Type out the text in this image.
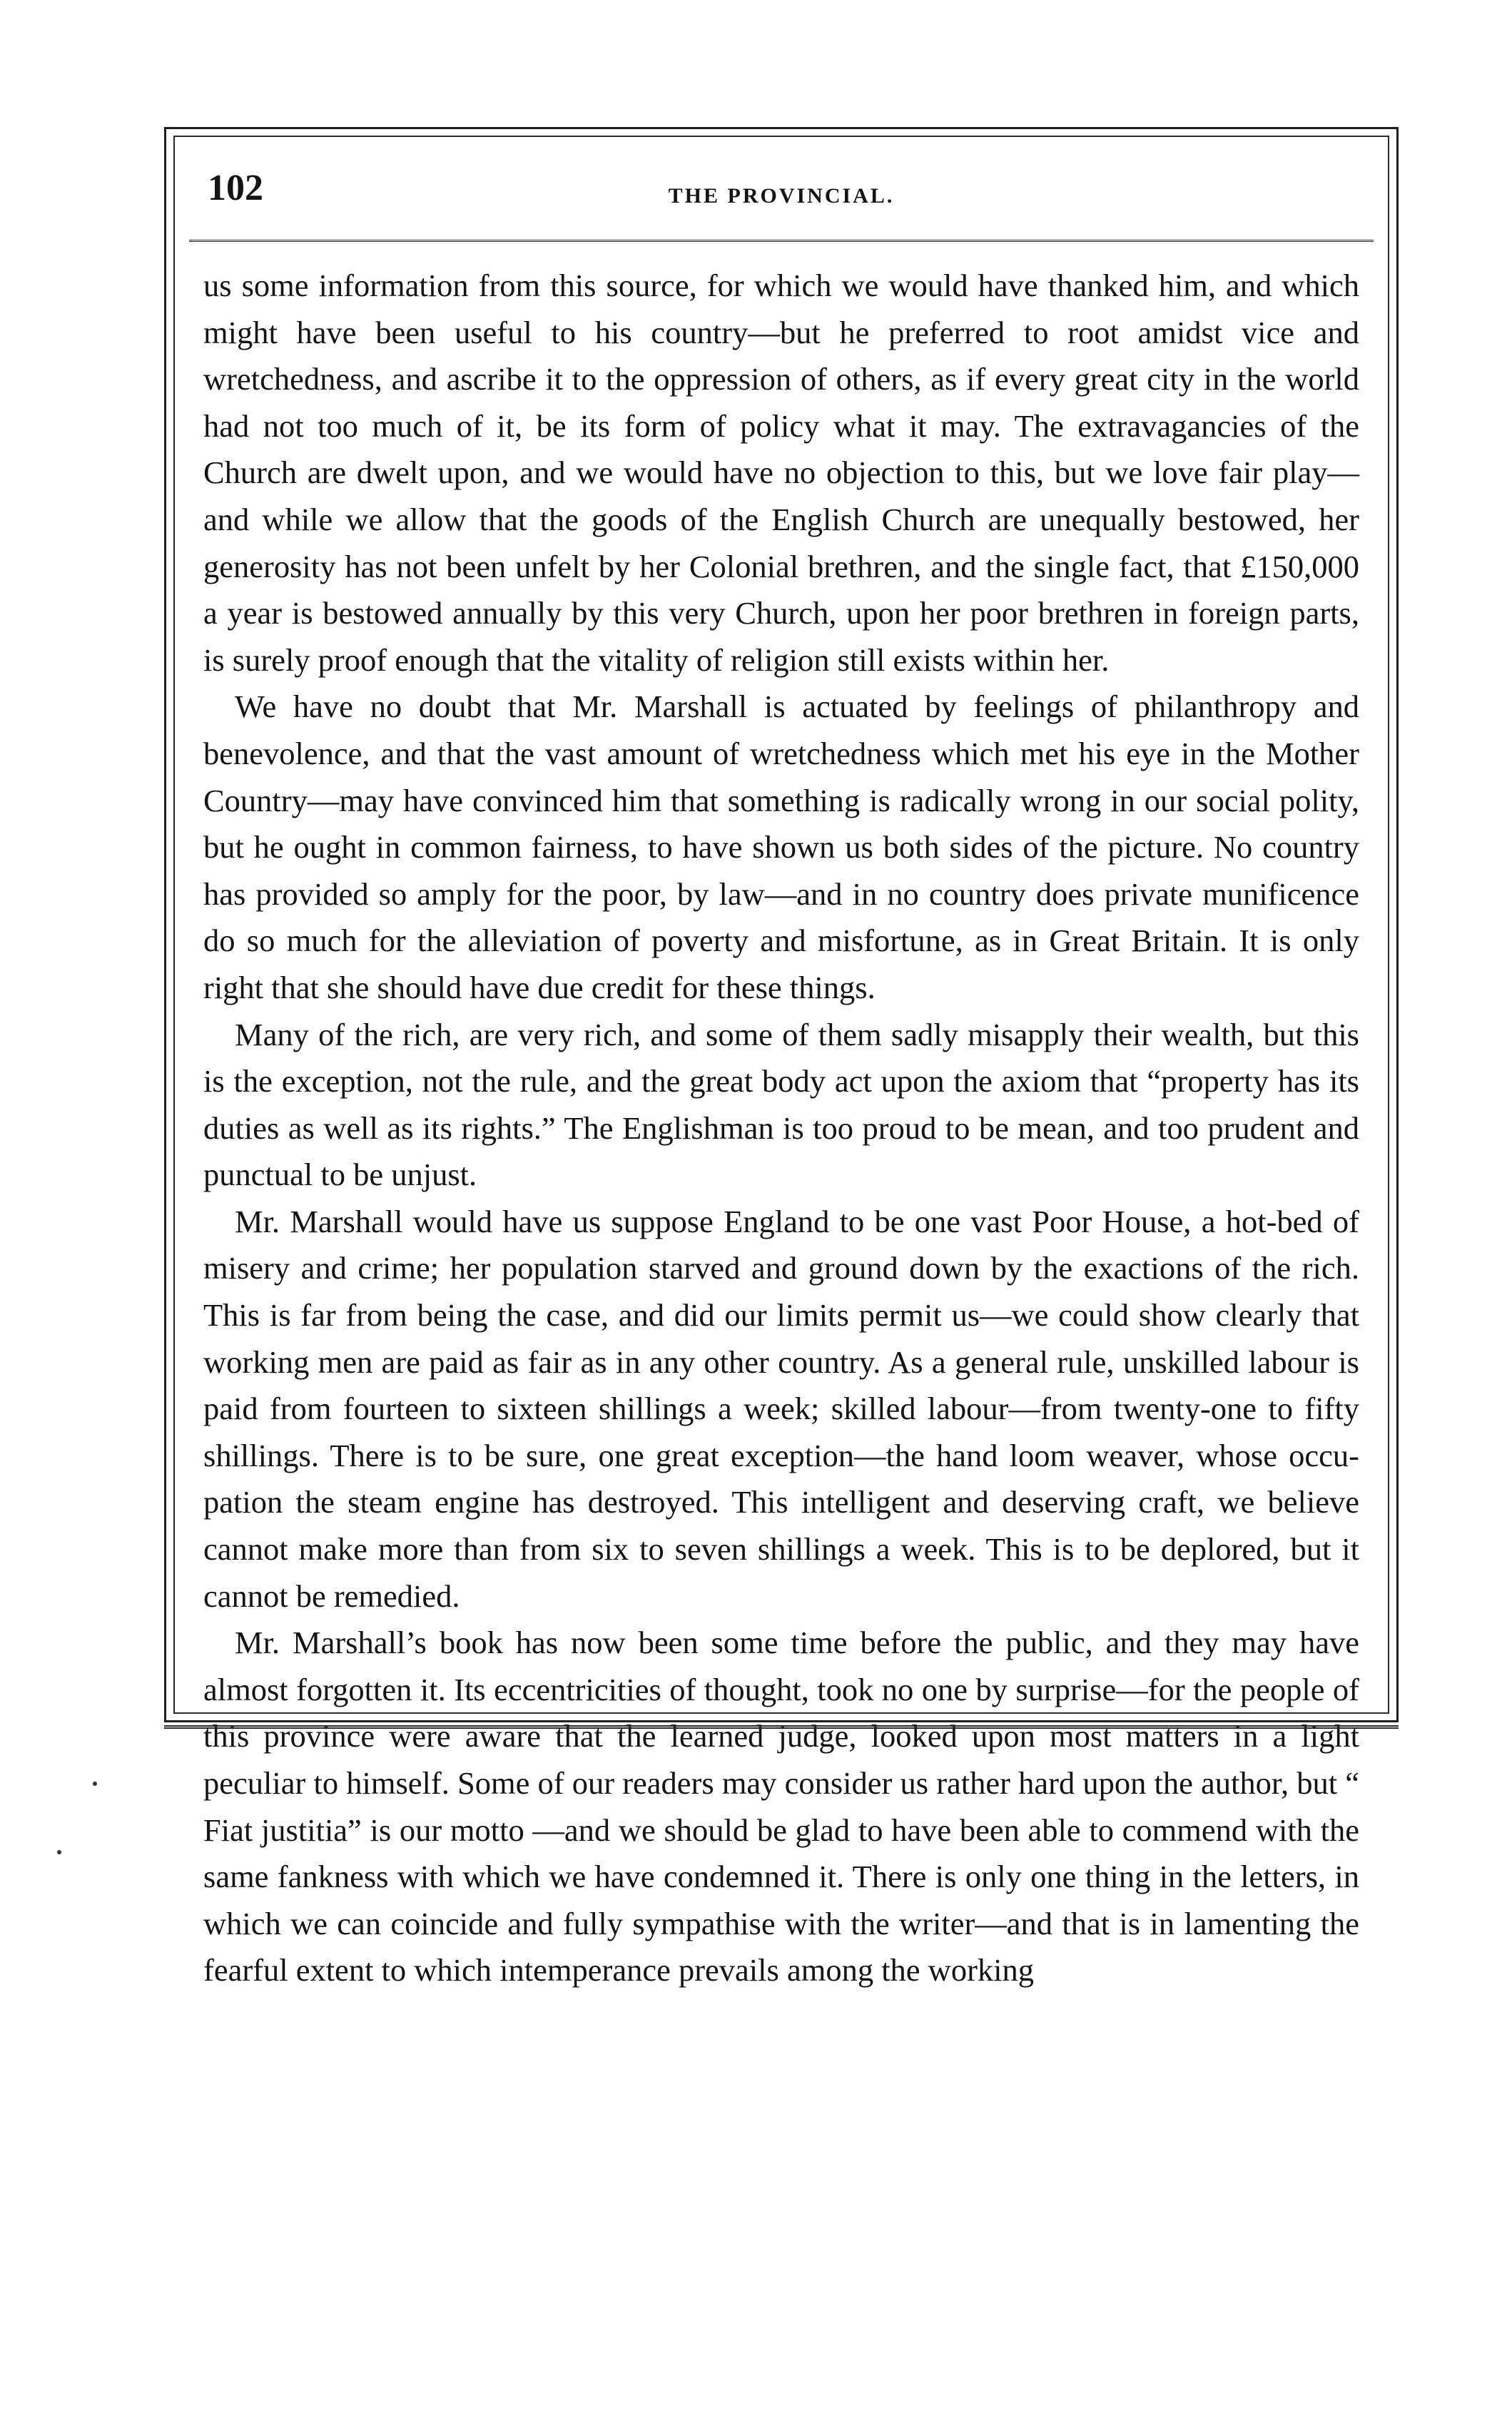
102	THE PROVINCIAL.

us some information from this source, for which we would have thanked him, and which might have been useful to his country—but he preferred to root amidst vice and wretchedness, and ascribe it to the oppression of others, as if every great city in the world had not too much of it, be its form of policy what it may. The extravagancies of the Church are dwelt upon, and we would have no objection to this, but we love fair play—and while we allow that the goods of the English Church are unequally bestowed, her generosity has not been unfelt by her Colonial brethren, and the single fact, that £150,000 a year is bestowed annually by this very Church, upon her poor brethren in foreign parts, is surely proof enough that the vitality of religion still exists within her.

We have no doubt that Mr. Marshall is actuated by feelings of philanthropy and benevolence, and that the vast amount of wretchedness which met his eye in the Mother Country—may have convinced him that something is radically wrong in our social polity, but he ought in common fairness, to have shown us both sides of the picture. No country has provided so amply for the poor, by law—and in no country does private munificence do so much for the alleviation of poverty and misfortune, as in Great Britain. It is only right that she should have due credit for these things.

Many of the rich, are very rich, and some of them sadly misapply their wealth, but this is the exception, not the rule, and the great body act upon the axiom that “property has its duties as well as its rights.” The Englishman is too proud to be mean, and too prudent and punctual to be unjust.

Mr. Marshall would have us suppose England to be one vast Poor House, a hot-bed of misery and crime; her population starved and ground down by the exactions of the rich. This is far from being the case, and did our limits permit us—we could show clearly that working men are paid as fair as in any other country. As a general rule, unskilled labour is paid from fourteen to sixteen shillings a week; skilled labour—from twenty-one to fifty shillings. There is to be sure, one great exception—the hand loom weaver, whose occupation the steam engine has destroyed. This intelligent and deserving craft, we believe cannot make more than from six to seven shillings a week. This is to be deplored, but it cannot be remedied.

Mr. Marshall’s book has now been some time before the public, and they may have almost forgotten it. Its eccentricities of thought, took no one by surprise—for the people of this province were aware that the learned judge, looked upon most matters in a light peculiar to himself. Some of our readers may consider us rather hard upon the author, but “ Fiat justitia” is our motto —and we should be glad to have been able to commend with the same fankness with which we have condemned it. There is only one thing in the letters, in which we can coincide and fully sympathise with the writer—and that is in lamenting the fearful extent to which intemperance prevails among the working
